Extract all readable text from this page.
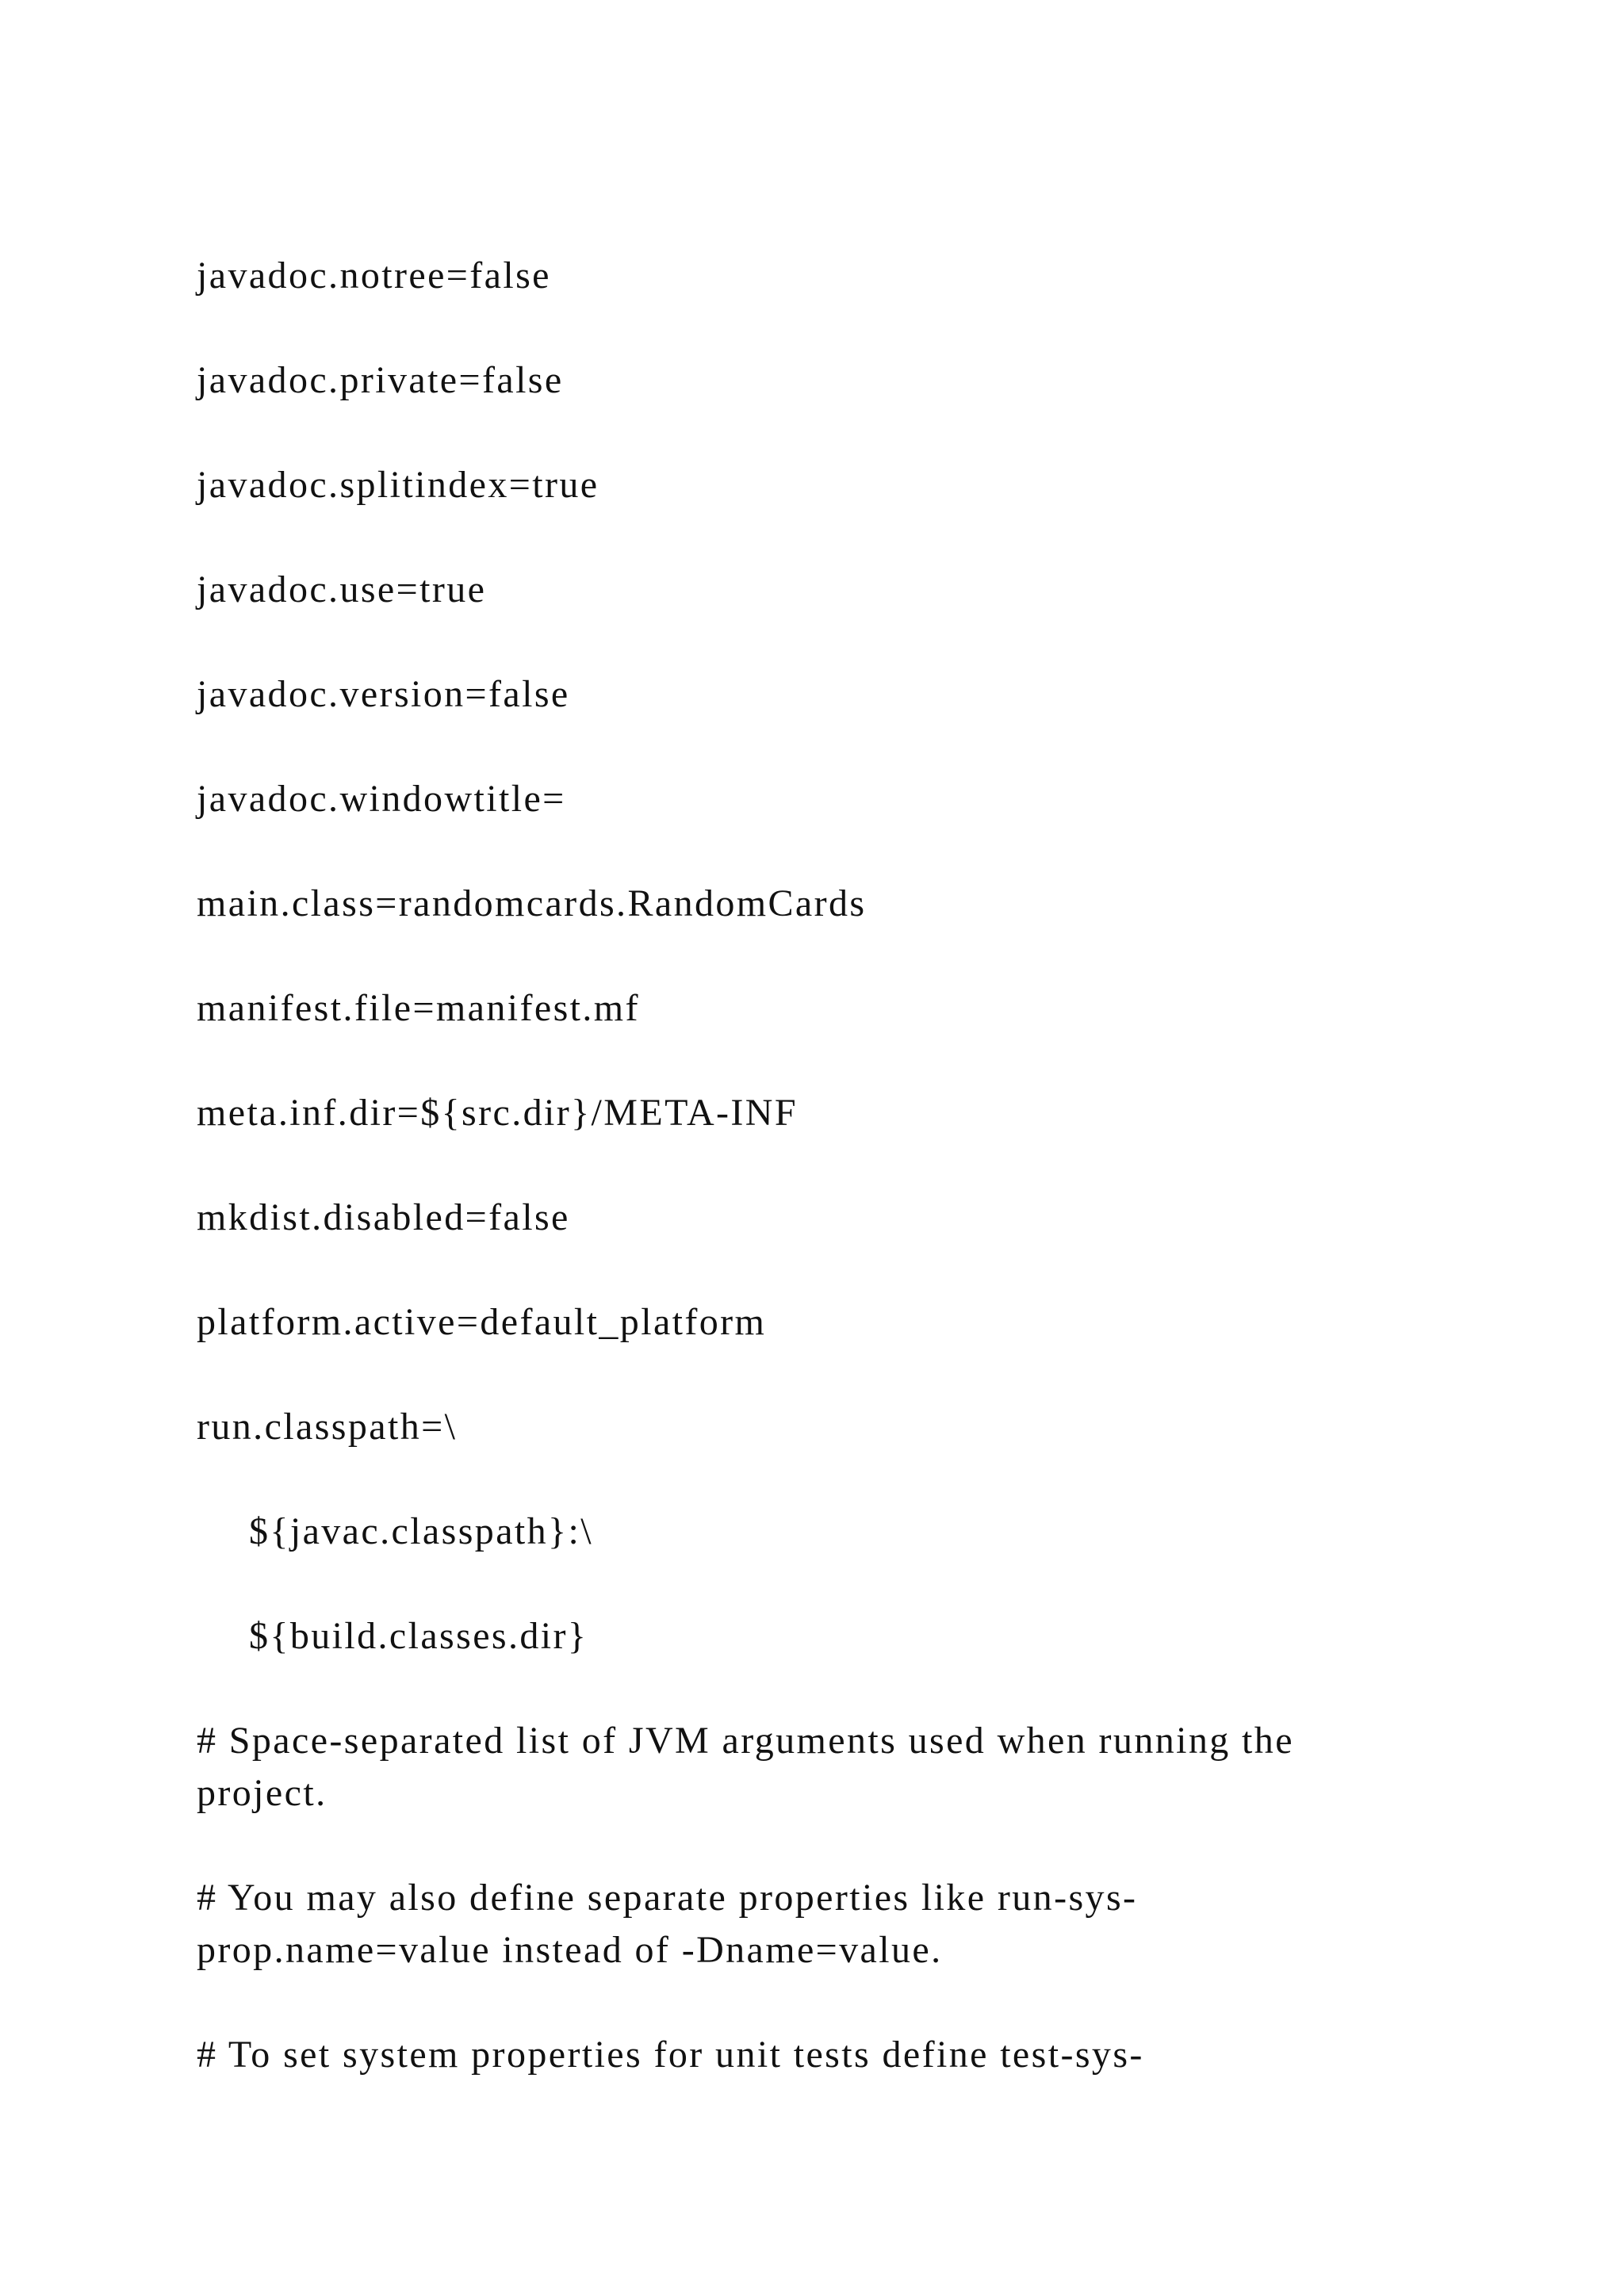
javadoc.notree=false

javadoc.private=false

javadoc.splitindex=true

javadoc.use=true

javadoc.version=false

javadoc.windowtitle=

main.class=randomcards.RandomCards

manifest.file=manifest.mf

meta.inf.dir=${src.dir}/META-INF

mkdist.disabled=false

platform.active=default_platform

run.classpath=\

${javac.classpath}:\

${build.classes.dir}

# Space-separated list of JVM arguments used when running the

project.

# You may also define separate properties like run-sys-

prop.name=value instead of -Dname=value.

# To set system properties for unit tests define test-sys-
